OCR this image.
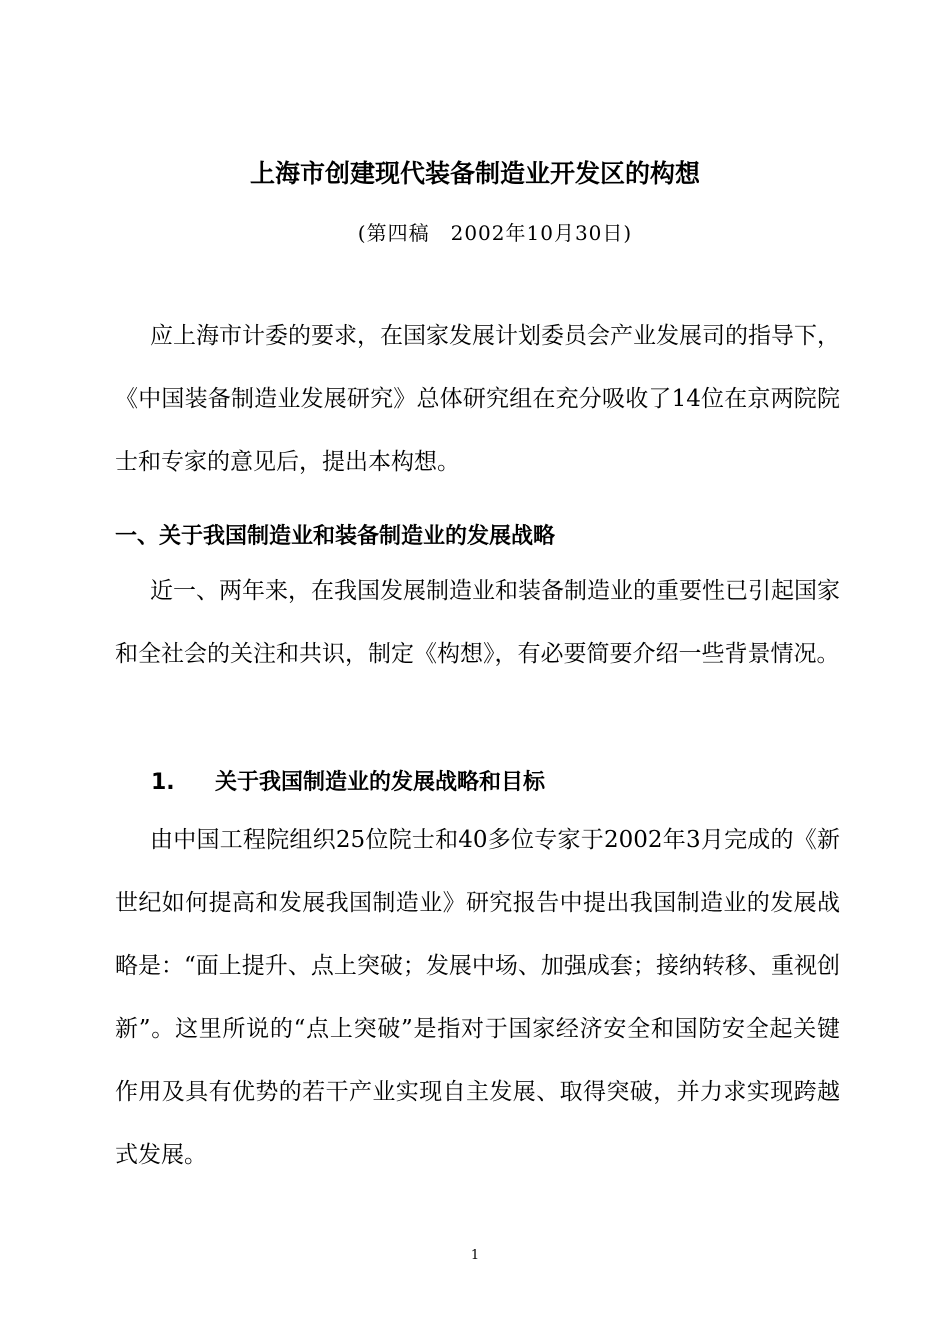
上海市创建现代装备制造业开发区的构想

(第四稿　2002年10月30日)

应上海市计委的要求，在国家发展计划委员会产业发展司的指导下，《中国装备制造业发展研究》总体研究组在充分吸收了14位在京两院院士和专家的意见后，提出本构想。

一、关于我国制造业和装备制造业的发展战略

近一、两年来，在我国发展制造业和装备制造业的重要性已引起国家和全社会的关注和共识，制定《构想》，有必要简要介绍一些背景情况。

1. 关于我国制造业的发展战略和目标

由中国工程院组织25位院士和40多位专家于2002年3月完成的《新世纪如何提高和发展我国制造业》研究报告中提出我国制造业的发展战略是：“面上提升、点上突破；发展中场、加强成套；接纳转移、重视创新”。这里所说的“点上突破”是指对于国家经济安全和国防安全起关键作用及具有优势的若干产业实现自主发展、取得突破，并力求实现跨越式发展。

1
